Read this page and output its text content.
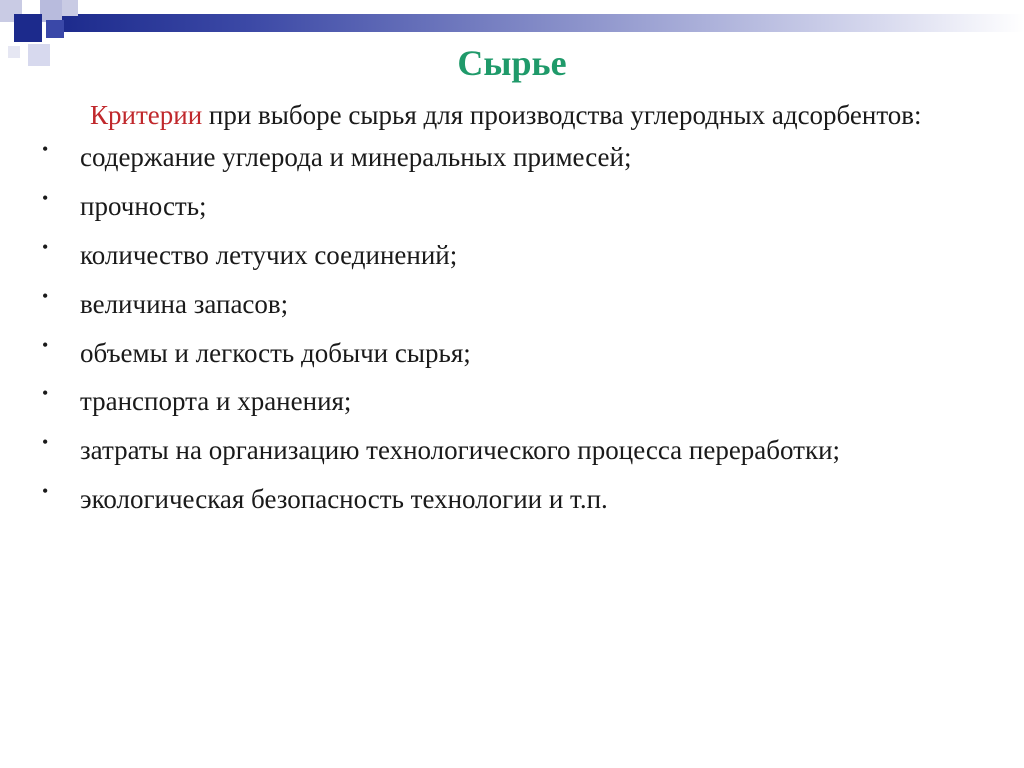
Сырье

Критерии при выборе сырья для производства углеродных адсорбентов:

• содержание углерода и минеральных примесей;
• прочность;
• количество летучих соединений;
• величина запасов;
• объемы и легкость добычи сырья;
• транспорта и хранения;
• затраты на организацию технологического процесса переработки;
• экологическая безопасность технологии и т.п.
